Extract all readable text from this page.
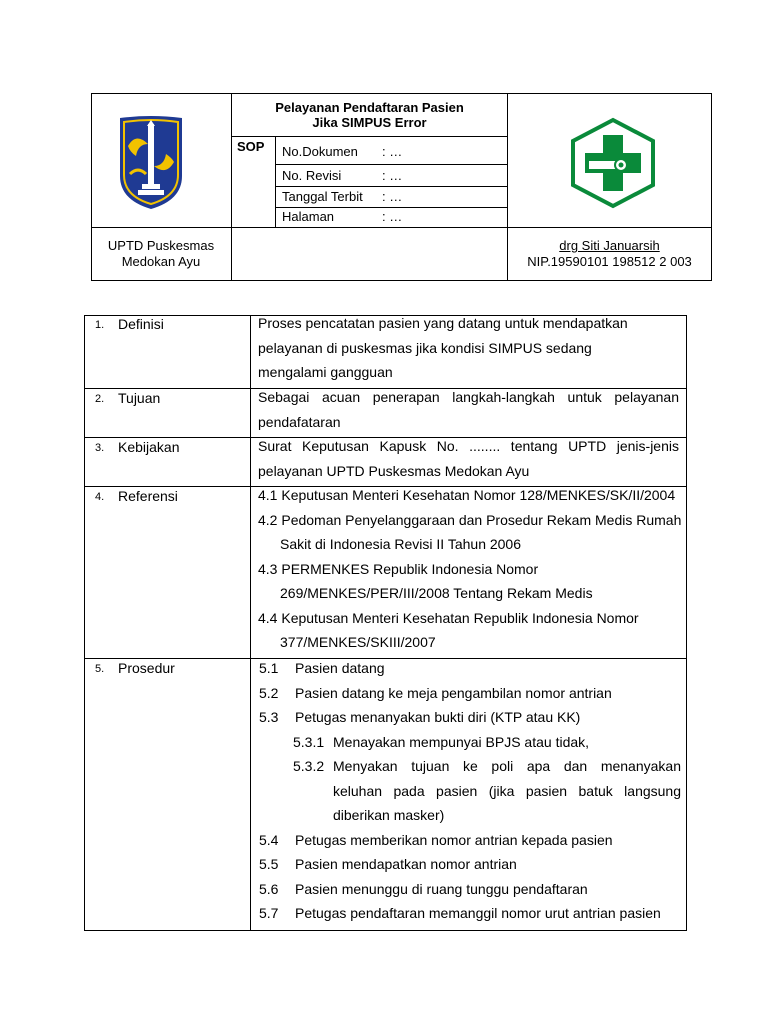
Pelayanan Pendaftaran Pasien
Jika SIMPUS Error
SOP No.Dokumen : …
No. Revisi	: …
Tanggal Terbit : …
Halaman	: …
UPTD Puskesmas
Medokan Ayu
drg Siti Januarsih
NIP.19590101 198512 2 003
1. Definisi	Proses pencatatan pasien yang datang untuk mendapatkan
pelayanan di puskesmas jika kondisi SIMPUS sedang
mengalami gangguan
2. Tujuan	Sebagai acuan penerapan langkah-langkah untuk pelayanan
pendafataran
3. Kebijakan	Surat Keputusan Kapusk No. ........ tentang UPTD jenis-jenis
pelayanan UPTD Puskesmas Medokan Ayu
4. Referensi	4.1 Keputusan Menteri Kesehatan Nomor 128/MENKES/SK/II/2004
4.2 Pedoman Penyelanggaraan dan Prosedur Rekam Medis Rumah
Sakit di Indonesia Revisi II Tahun 2006
4.3 PERMENKES Republik Indonesia Nomor
269/MENKES/PER/III/2008 Tentang Rekam Medis
4.4 Keputusan Menteri Kesehatan Republik Indonesia Nomor
377/MENKES/SKIII/2007
5. Prosedur	5.1	Pasien datang
5.2	Pasien datang ke meja pengambilan nomor antrian
5.3	Petugas menanyakan bukti diri (KTP atau KK)
5.3.1 Menayakan mempunyai BPJS atau tidak,
5.3.2 Menyakan tujuan ke poli apa dan menanyakan
keluhan pada pasien (jika pasien batuk langsung
diberikan masker)
5.4	Petugas memberikan nomor antrian kepada pasien
5.5	Pasien mendapatkan nomor antrian
5.6	Pasien menunggu di ruang tunggu pendaftaran
5.7	Petugas pendaftaran memanggil nomor urut antrian pasien
